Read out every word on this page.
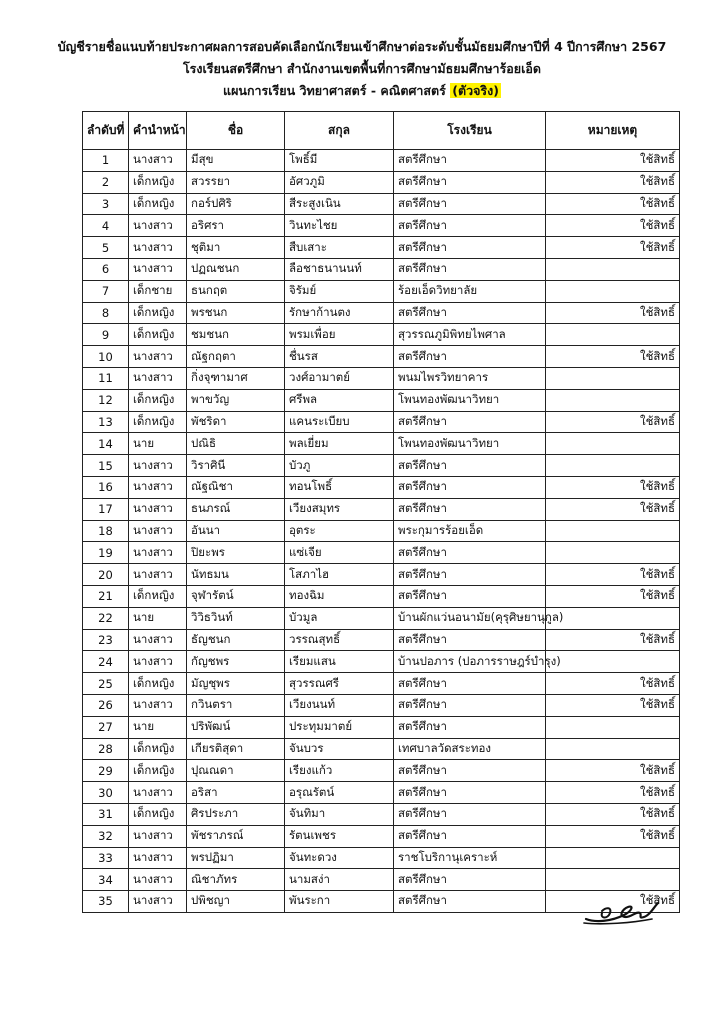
บัญชีรายชื่อแนบท้ายประกาศผลการสอบคัดเลือกนักเรียนเข้าศึกษาต่อระดับชั้นมัธยมศึกษาปีที่ 4 ปีการศึกษา 2567
โรงเรียนสตรีศึกษา สำนักงานเขตพื้นที่การศึกษามัธยมศึกษาร้อยเอ็ด
แผนการเรียน วิทยาศาสตร์ - คณิตศาสตร์ (ตัวจริง)
ลำดับที่	คำนำหน้า	ชื่อ	สกุล	โรงเรียน	หมายเหตุ
1	นางสาว	มีสุข	โพธิ์มี	สตรีศึกษา	ใช้สิทธิ์
2	เด็กหญิง	สวรรยา	อัศวภูมิ	สตรีศึกษา	ใช้สิทธิ์
3	เด็กหญิง	กอร์ปศิริ	สีระสูงเนิน	สตรีศึกษา	ใช้สิทธิ์
4	นางสาว	อริศรา	วินทะไชย	สตรีศึกษา	ใช้สิทธิ์
5	นางสาว	ชุติมา	สืบเสาะ	สตรีศึกษา	ใช้สิทธิ์
6	นางสาว	ปฏณชนก	ลือชาธนานนท์	สตรีศึกษา	
7	เด็กชาย	ธนกฤต	จิรัมย์	ร้อยเอ็ดวิทยาลัย	
8	เด็กหญิง	พรชนก	รักษาก้านตง	สตรีศึกษา	ใช้สิทธิ์
9	เด็กหญิง	ชมชนก	พรมเพื่อย	สุวรรณภูมิพิทยไพศาล	
10	นางสาว	ณัฐกฤตา	ชื่นรส	สตรีศึกษา	ใช้สิทธิ์
11	นางสาว	กิ่งจุฑามาศ	วงศ์อามาตย์	พนมไพรวิทยาคาร	
12	เด็กหญิง	พาขวัญ	ศรีพล	โพนทองพัฒนาวิทยา	
13	เด็กหญิง	พัชริดา	แคนระเบียบ	สตรีศึกษา	ใช้สิทธิ์
14	นาย	ปณิธิ	พลเยี่ยม	โพนทองพัฒนาวิทยา	
15	นางสาว	วิราศินี	บัวภู	สตรีศึกษา	
16	นางสาว	ณัฐณิชา	ทอนโพธิ์	สตรีศึกษา	ใช้สิทธิ์
17	นางสาว	ธนภรณ์	เวียงสมุทร	สตรีศึกษา	ใช้สิทธิ์
18	นางสาว	อันนา	อุตระ	พระกุมารร้อยเอ็ด	
19	นางสาว	ปิยะพร	แซ่เจีย	สตรีศึกษา	
20	นางสาว	นัทธมน	โสภาไฮ	สตรีศึกษา	ใช้สิทธิ์
21	เด็กหญิง	จุฬารัตน์	ทองฉิม	สตรีศึกษา	ใช้สิทธิ์
22	นาย	วิวิธวินท์	บัวมูล	บ้านผักแว่นอนามัย(คุรุศิษยานุกูล)	
23	นางสาว	ธัญชนก	วรรณสุทธิ์	สตรีศึกษา	ใช้สิทธิ์
24	นางสาว	กัญชพร	เรียมแสน	บ้านปอภาร (ปอภารราษฎร์บำรุง)	
25	เด็กหญิง	มัญชุพร	สุวรรณศรี	สตรีศึกษา	ใช้สิทธิ์
26	นางสาว	กวินตรา	เวียงนนท์	สตรีศึกษา	ใช้สิทธิ์
27	นาย	ปริพัฒน์	ประทุมมาตย์	สตรีศึกษา	
28	เด็กหญิง	เกียรติสุดา	จันบวร	เทศบาลวัดสระทอง	
29	เด็กหญิง	ปุณณดา	เรียงแก้ว	สตรีศึกษา	ใช้สิทธิ์
30	นางสาว	อริสา	อรุณรัตน์	สตรีศึกษา	ใช้สิทธิ์
31	เด็กหญิง	ศิรประภา	จันทิมา	สตรีศึกษา	ใช้สิทธิ์
32	นางสาว	พัชราภรณ์	รัตนเพชร	สตรีศึกษา	ใช้สิทธิ์
33	นางสาว	พรปฏิมา	จันทะดวง	ราชโบริกานุเคราะห์	
34	นางสาว	ณิชาภัทร	นามสง่า	สตรีศึกษา	
35	นางสาว	ปพิชญา	พันระกา	สตรีศึกษา	ใช้สิทธิ์
